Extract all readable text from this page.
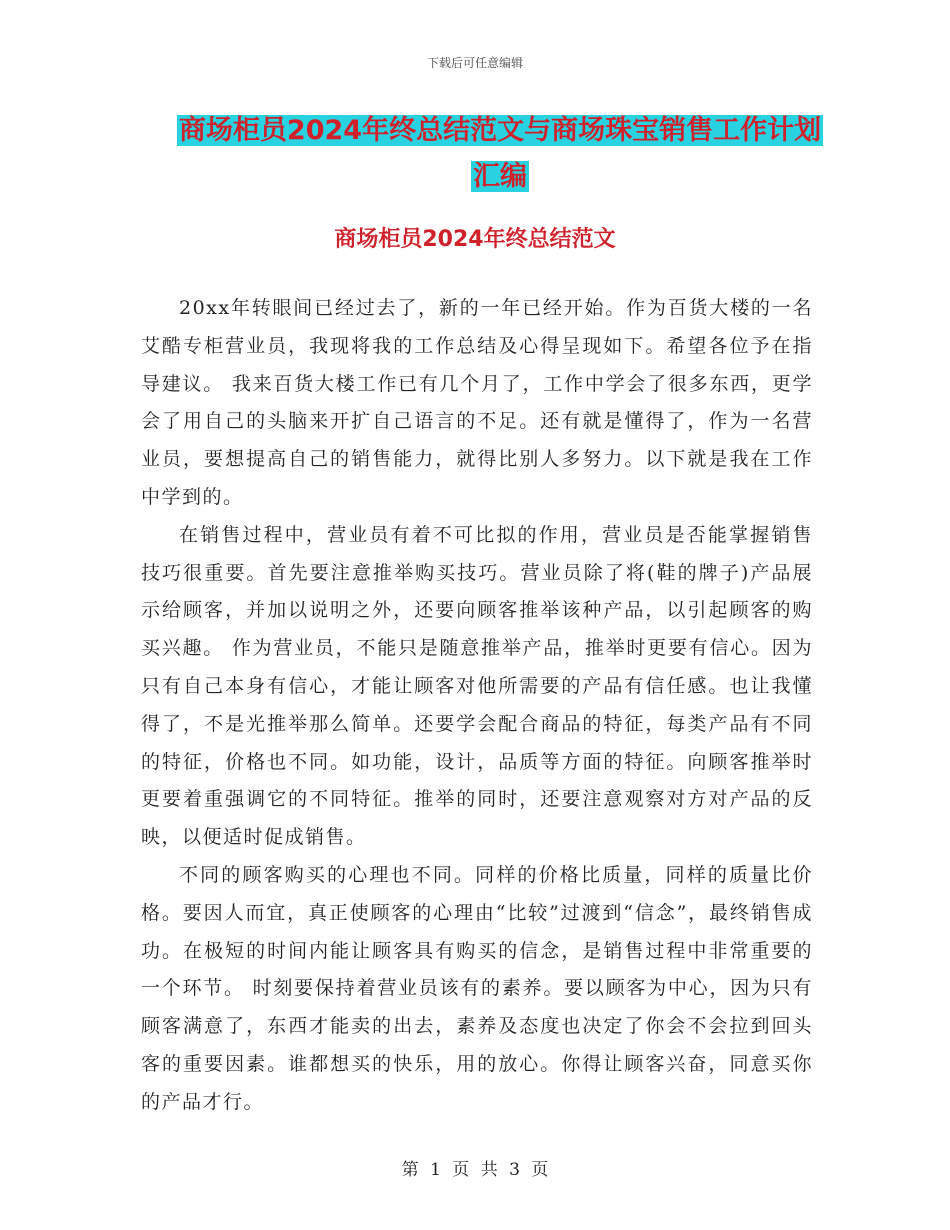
下载后可任意编辑
商场柜员2024年终总结范文与商场珠宝销售工作计划
汇编
商场柜员2024年终总结范文

20xx年转眼间已经过去了，新的一年已经开始。作为百货大楼的一名艾酷专柜营业员，我现将我的工作总结及心得呈现如下。希望各位予在指导建议。 我来百货大楼工作已有几个月了，工作中学会了很多东西，更学会了用自己的头脑来开扩自己语言的不足。还有就是懂得了，作为一名营业员，要想提高自己的销售能力，就得比别人多努力。以下就是我在工作中学到的。

在销售过程中，营业员有着不可比拟的作用，营业员是否能掌握销售技巧很重要。首先要注意推举购买技巧。营业员除了将(鞋的牌子)产品展示给顾客，并加以说明之外，还要向顾客推举该种产品，以引起顾客的购买兴趣。 作为营业员，不能只是随意推举产品，推举时更要有信心。因为只有自己本身有信心，才能让顾客对他所需要的产品有信任感。也让我懂得了，不是光推举那么简单。还要学会配合商品的特征，每类产品有不同的特征，价格也不同。如功能，设计，品质等方面的特征。向顾客推举时更要着重强调它的不同特征。推举的同时，还要注意观察对方对产品的反映，以便适时促成销售。

不同的顾客购买的心理也不同。同样的价格比质量，同样的质量比价格。要因人而宜，真正使顾客的心理由“比较”过渡到“信念”，最终销售成功。在极短的时间内能让顾客具有购买的信念，是销售过程中非常重要的一个环节。 时刻要保持着营业员该有的素养。要以顾客为中心，因为只有顾客满意了，东西才能卖的出去，素养及态度也决定了你会不会拉到回头客的重要因素。谁都想买的快乐，用的放心。你得让顾客兴奋，同意买你的产品才行。

第 1 页 共 3 页
